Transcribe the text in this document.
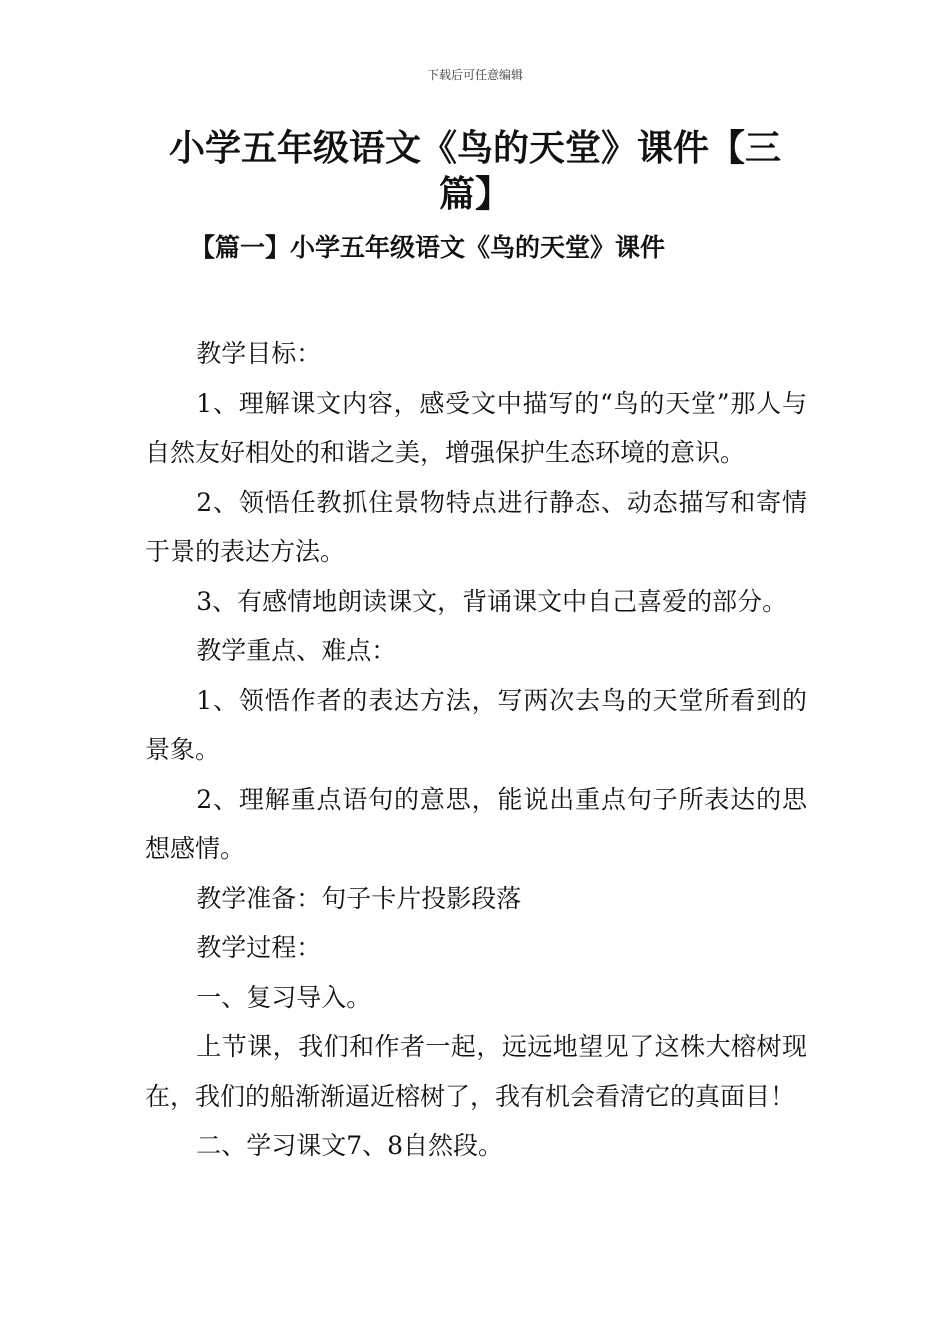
下载后可任意编辑
小学五年级语文《鸟的天堂》课件【三篇】
【篇一】小学五年级语文《鸟的天堂》课件

教学目标：

1、理解课文内容，感受文中描写的“鸟的天堂”那人与自然友好相处的和谐之美，增强保护生态环境的意识。

2、领悟任教抓住景物特点进行静态、动态描写和寄情于景的表达方法。

3、有感情地朗读课文，背诵课文中自己喜爱的部分。

教学重点、难点：

1、领悟作者的表达方法，写两次去鸟的天堂所看到的景象。

2、理解重点语句的意思，能说出重点句子所表达的思想感情。

教学准备：句子卡片投影段落

教学过程：

一、复习导入。

上节课，我们和作者一起，远远地望见了这株大榕树现在，我们的船渐渐逼近榕树了，我有机会看清它的真面目！

二、学习课文7、8自然段。
